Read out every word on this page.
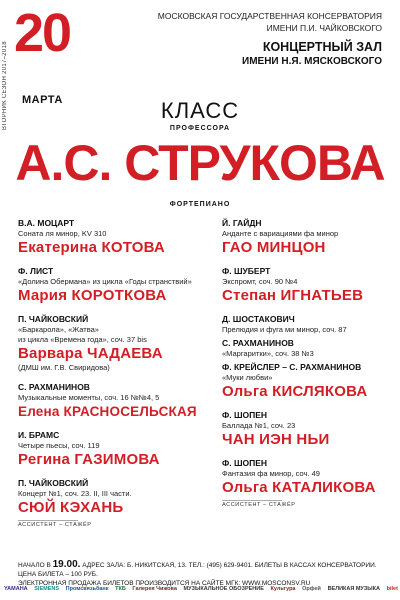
ВТОРНИК СЕЗОН 2017–2018
20
МАРТА
МОСКОВСКАЯ ГОСУДАРСТВЕННАЯ КОНСЕРВАТОРИЯ
ИМЕНИ П.И. ЧАЙКОВСКОГО
КОНЦЕРТНЫЙ ЗАЛ
ИМЕНИ Н.Я. МЯСКОВСКОГО
КЛАСС
ПРОФЕССОРА
А.С. СТРУКОВА
ФОРТЕПИАНО
В.А. МОЦАРТ
Соната ля минор, KV 310
Екатерина КОТОВА
Ф. ЛИСТ
«Долина Обермана» из цикла «Годы странствий»
Мария КОРОТКОВА
П. ЧАЙКОВСКИЙ
«Баркарола», «Жатва»
из цикла «Времена года», соч. 37 bis
Варвара ЧАДАЕВА
(ДМШ им. Г.В. Свиридова)
С. РАХМАНИНОВ
Музыкальные моменты, соч. 16 №№4, 5
Елена КРАСНОСЕЛЬСКАЯ
И. БРАМС
Четыре пьесы, соч. 119
Регина ГАЗИМОВА
П. ЧАЙКОВСКИЙ
Концерт №1, соч. 23. II, III части.
СЮЙ КЭХАНЬ
АССИСТЕНТ – СТАЖЁР
Й. ГАЙДН
Андантe с вариациями фа минор
ГАО МИНЦОН
Ф. ШУБЕРТ
Экспромт, соч. 90 №4
Степан ИГНАТЬЕВ
Д. ШОСТАКОВИЧ
Прелюдия и фуга ми минор, соч. 87
С. РАХМАНИНОВ
«Маргаритки», соч. 38 №3
Ф. КРЕЙСЛЕР – С. РАХМАНИНОВ
«Муки любви»
Ольга КИСЛЯКОВА
Ф. ШОПЕН
Баллада №1, соч. 23
ЧАН ИЭН НЬИ
Ф. ШОПЕН
Фантазия фа минор, соч. 49
Ольга КАТАЛИКОВА
АССИСТЕНТ – СТАЖЁР
НАЧАЛО В 19.00. АДРЕС ЗАЛА: Б. НИКИТСКАЯ, 13. ТЕЛ.: (495) 629-9401. БИЛЕТЫ В КАССАХ КОНСЕРВАТОРИИ. ЦЕНА БИЛЕТА – 100 РУБ.
ЭЛЕКТРОННАЯ ПРОДАЖА БИЛЕТОВ ПРОИЗВОДИТСЯ НА САЙТЕ МГК: WWW.MOSCONSV.RU
YAMAHA SIEMENS Промсвязьбанк ТКБ Галерея Чижова МУЗЫКАЛЬНОЕ ОБОЗРЕНИЕ Культура Орфей ВЕЛИКАЯ МУЗЫКА bilet
